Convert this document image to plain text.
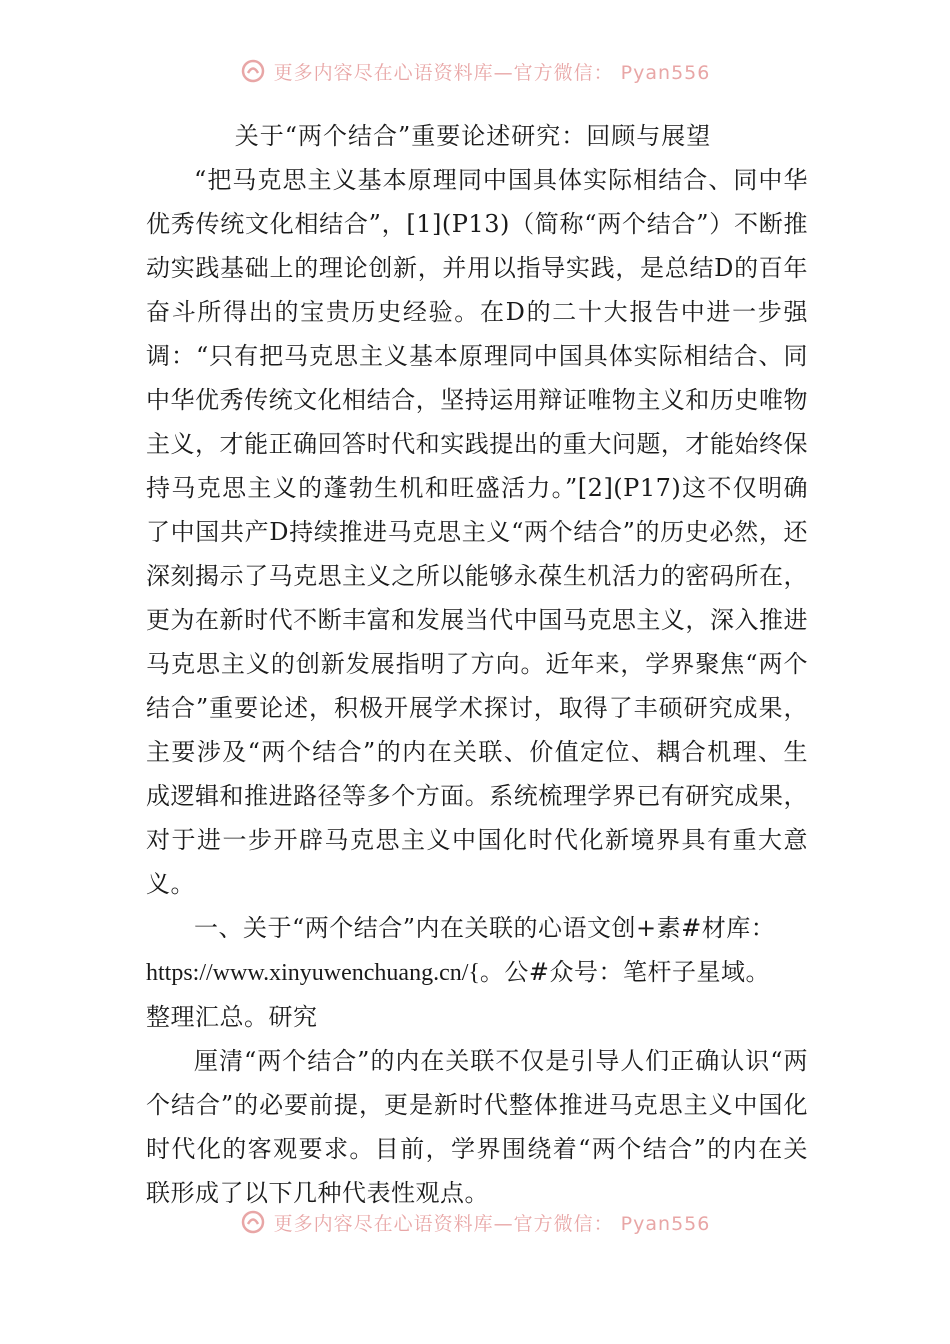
更多内容尽在心语资料库—官方微信： Pyan556
关于“两个结合”重要论述研究：回顾与展望

“把马克思主义基本原理同中国具体实际相结合、同中华优秀传统文化相结合”，[1](P13)（简称“两个结合”）不断推动实践基础上的理论创新，并用以指导实践，是总结D的百年奋斗所得出的宝贵历史经验。在D的二十大报告中进一步强调：“只有把马克思主义基本原理同中国具体实际相结合、同中华优秀传统文化相结合，坚持运用辩证唯物主义和历史唯物主义，才能正确回答时代和实践提出的重大问题，才能始终保持马克思主义的蓬勃生机和旺盛活力。”[2](P17)这不仅明确了中国共产D持续推进马克思主义“两个结合”的历史必然，还深刻揭示了马克思主义之所以能够永葆生机活力的密码所在，更为在新时代不断丰富和发展当代中国马克思主义，深入推进马克思主义的创新发展指明了方向。近年来，学界聚焦“两个结合”重要论述，积极开展学术探讨，取得了丰硕研究成果，主要涉及“两个结合”的内在关联、价值定位、耦合机理、生成逻辑和推进路径等多个方面。系统梳理学界已有研究成果，对于进一步开辟马克思主义中国化时代化新境界具有重大意义。

一、关于“两个结合”内在关联的心语文创+素#材库：

https://www.xinyuwenchuang.cn/{。公#众号：笔杆子星域。

整理汇总。研究

厘清“两个结合”的内在关联不仅是引导人们正确认识“两个结合”的必要前提，更是新时代整体推进马克思主义中国化时代化的客观要求。目前，学界围绕着“两个结合”的内在关联形成了以下几种代表性观点。

更多内容尽在心语资料库—官方微信： Pyan556
